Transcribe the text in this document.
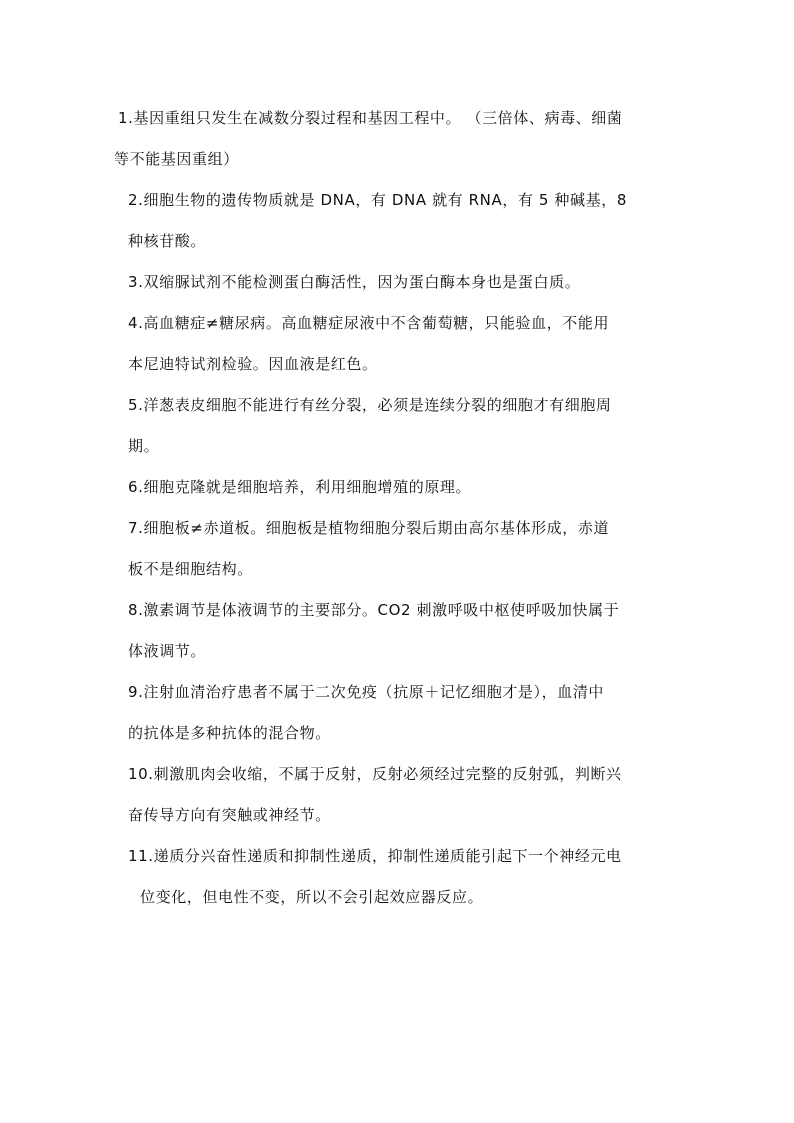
1.基因重组只发生在减数分裂过程和基因工程中。 （三倍体、病毒、细菌
等不能基因重组）

2.细胞生物的遗传物质就是 DNA，有 DNA 就有 RNA，有 5 种碱基，8
种核苷酸。

3.双缩脲试剂不能检测蛋白酶活性，因为蛋白酶本身也是蛋白质。

4.高血糖症≠糖尿病。高血糖症尿液中不含葡萄糖，只能验血，不能用
本尼迪特试剂检验。因血液是红色。

5.洋葱表皮细胞不能进行有丝分裂，必须是连续分裂的细胞才有细胞周
期。

6.细胞克隆就是细胞培养，利用细胞增殖的原理。

7.细胞板≠赤道板。细胞板是植物细胞分裂后期由高尔基体形成，赤道
板不是细胞结构。

8.激素调节是体液调节的主要部分。CO2 刺激呼吸中枢使呼吸加快属于
体液调节。

9.注射血清治疗患者不属于二次免疫（抗原＋记忆细胞才是），血清中
的抗体是多种抗体的混合物。

10.刺激肌肉会收缩，不属于反射，反射必须经过完整的反射弧，判断兴
奋传导方向有突触或神经节。

11.递质分兴奋性递质和抑制性递质，抑制性递质能引起下一个神经元电
位变化，但电性不变，所以不会引起效应器反应。
